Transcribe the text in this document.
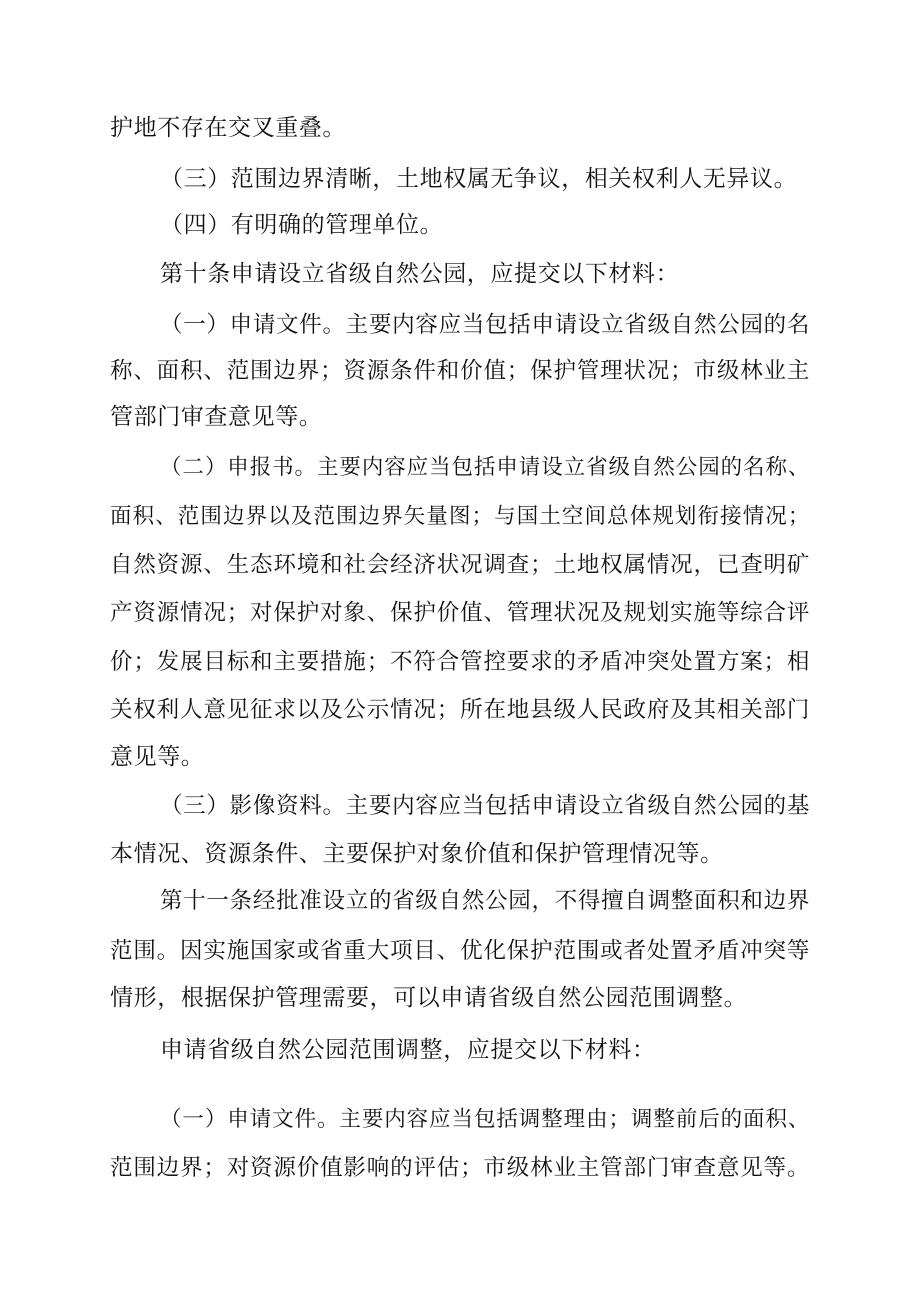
护地不存在交叉重叠。

（三）范围边界清晰，土地权属无争议，相关权利人无异议。

（四）有明确的管理单位。

第十条申请设立省级自然公园，应提交以下材料：

（一）申请文件。主要内容应当包括申请设立省级自然公园的名

称、面积、范围边界；资源条件和价值；保护管理状况；市级林业主

管部门审查意见等。

（二）申报书。主要内容应当包括申请设立省级自然公园的名称、

面积、范围边界以及范围边界矢量图；与国土空间总体规划衔接情况；

自然资源、生态环境和社会经济状况调查；土地权属情况，已查明矿

产资源情况；对保护对象、保护价值、管理状况及规划实施等综合评

价；发展目标和主要措施；不符合管控要求的矛盾冲突处置方案；相

关权利人意见征求以及公示情况；所在地县级人民政府及其相关部门

意见等。

（三）影像资料。主要内容应当包括申请设立省级自然公园的基

本情况、资源条件、主要保护对象价值和保护管理情况等。

第十一条经批准设立的省级自然公园，不得擅自调整面积和边界

范围。因实施国家或省重大项目、优化保护范围或者处置矛盾冲突等

情形，根据保护管理需要，可以申请省级自然公园范围调整。

申请省级自然公园范围调整，应提交以下材料：

（一）申请文件。主要内容应当包括调整理由；调整前后的面积、

范围边界；对资源价值影响的评估；市级林业主管部门审查意见等。
